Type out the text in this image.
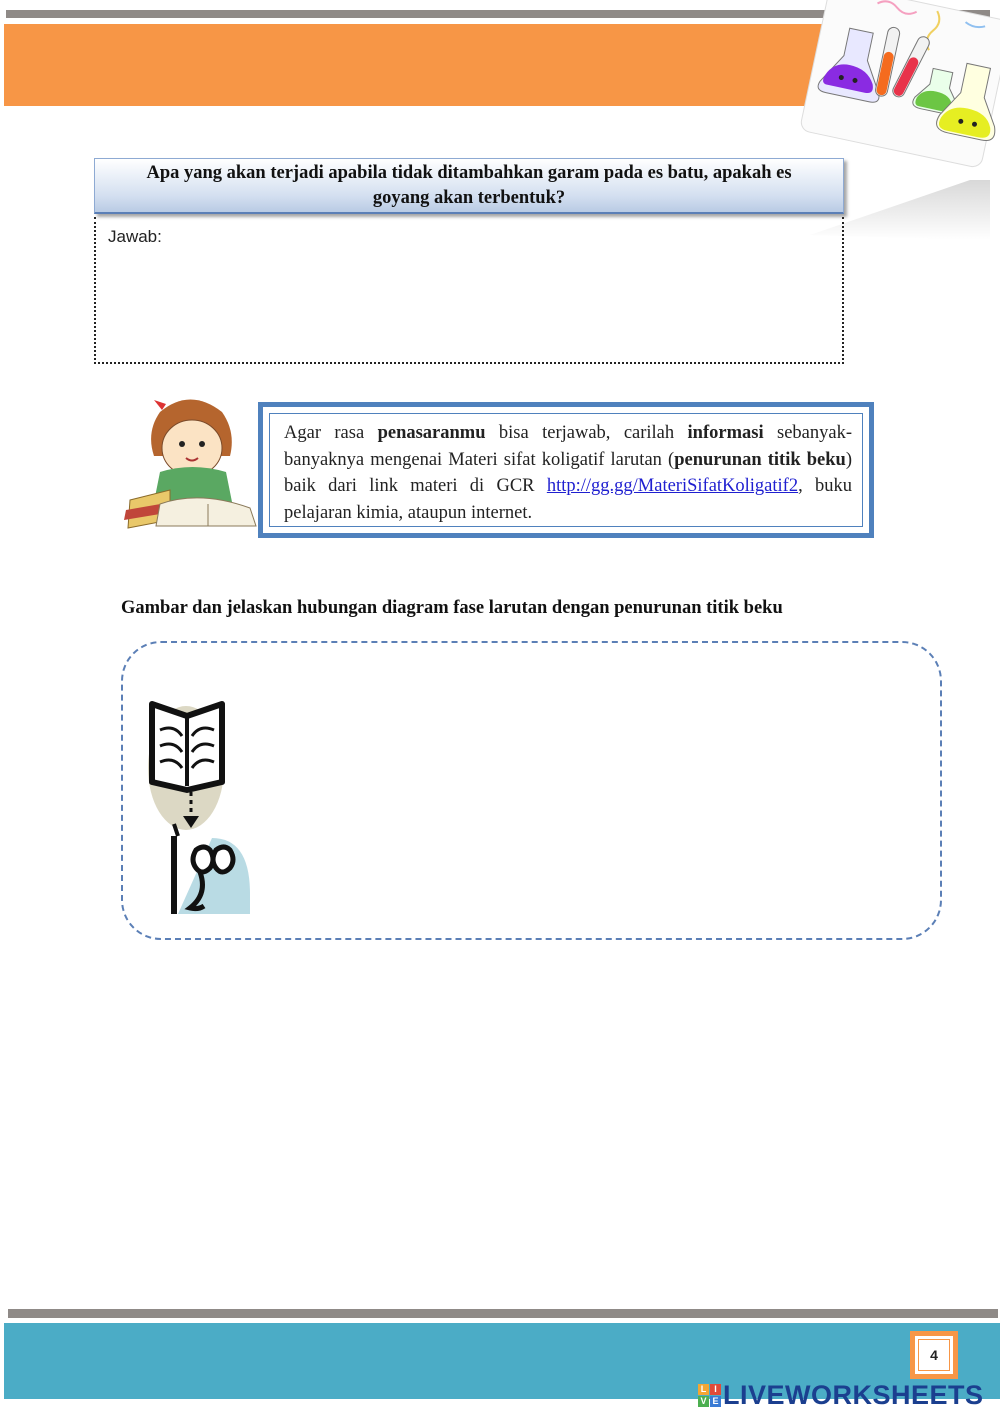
Apa yang akan terjadi apabila tidak ditambahkan garam pada es batu, apakah es goyang akan terbentuk?
Jawab:
Agar rasa penasaranmu bisa terjawab, carilah informasi sebanyak-banyaknya mengenai Materi sifat koligatif larutan (penurunan titik beku) baik dari link materi di GCR http://gg.gg/MateriSifatKoligatif2, buku pelajaran kimia, ataupun internet.
Gambar dan jelaskan hubungan diagram fase larutan dengan penurunan titik beku
4
L I
V E LIVEWORKSHEETS
